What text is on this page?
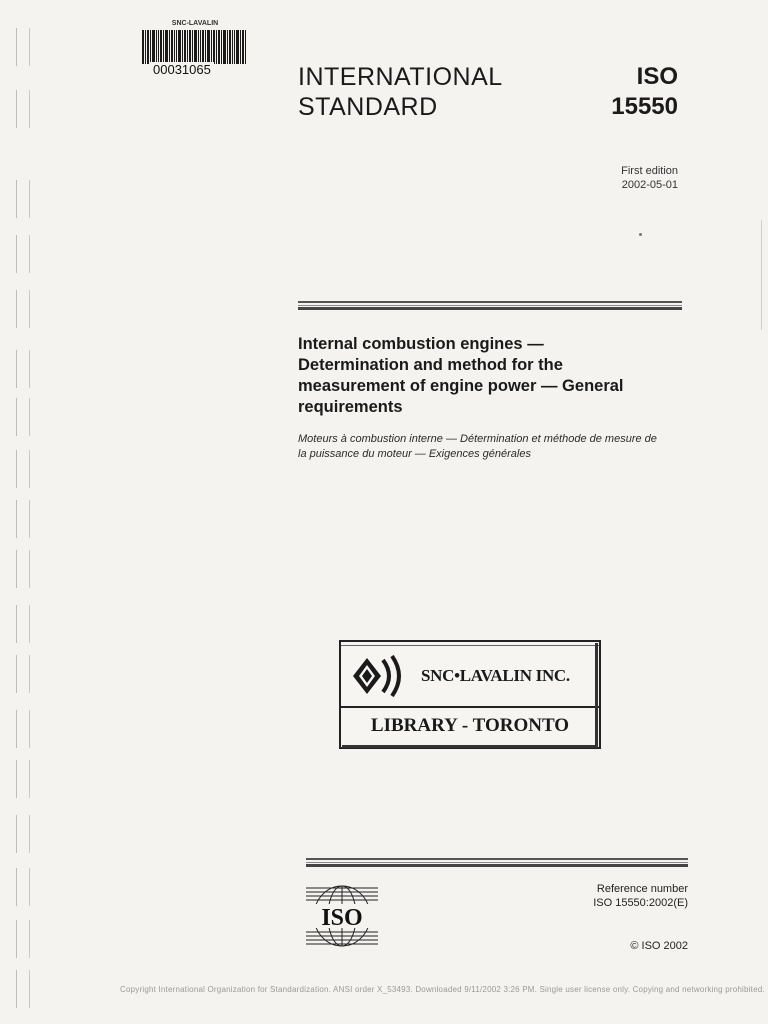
SNC-LAVALIN
00031065	INTERNATIONAL
STANDARD
ISO
15550
First edition
2002-05-01
Internal combustion engines —
Determination and method for the
measurement of engine power — General
requirements
Moteurs à combustion interne — Détermination et méthode de mesure de
la puissance du moteur — Exigences générales
SNC•LAVALIN INC.
LIBRARY - TORONTO
ISO
Reference number
ISO 15550:2002(E)
© ISO 2002
Copyright International Organization for Standardization. ANSI order X_53493. Downloaded 9/11/2002 3:26 PM. Single user license only. Copying and networking prohibited.
